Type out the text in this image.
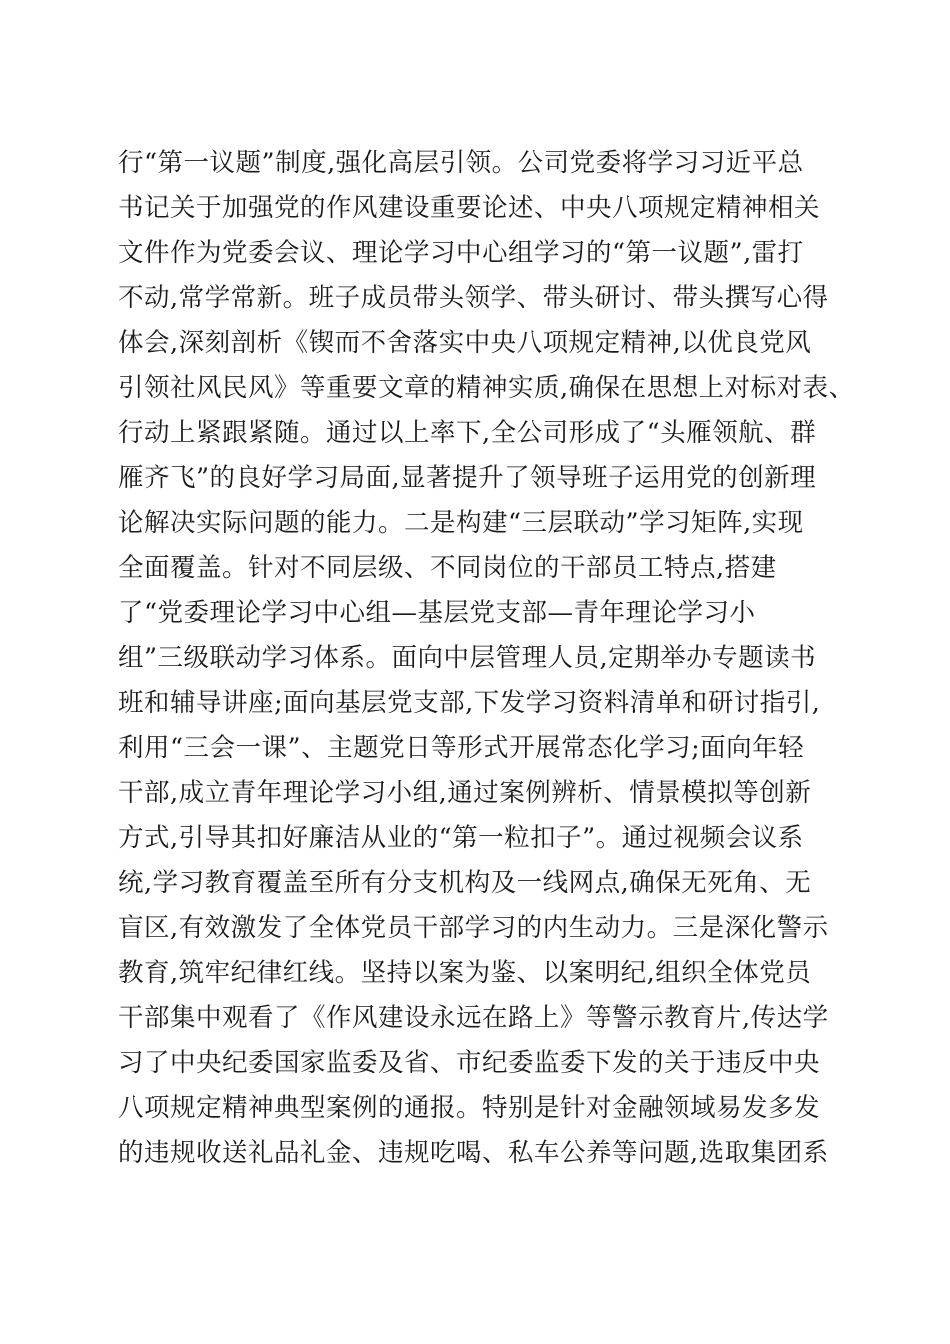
行“第一议题”制度,强化高层引领。公司党委将学习习近平总
书记关于加强党的作风建设重要论述、中央八项规定精神相关
文件作为党委会议、理论学习中心组学习的“第一议题”,雷打
不动,常学常新。班子成员带头领学、带头研讨、带头撰写心得
体会,深刻剖析《锲而不舍落实中央八项规定精神,以优良党风
引领社风民风》等重要文章的精神实质,确保在思想上对标对表、
行动上紧跟紧随。通过以上率下,全公司形成了“头雁领航、群
雁齐飞”的良好学习局面,显著提升了领导班子运用党的创新理
论解决实际问题的能力。二是构建“三层联动”学习矩阵,实现
全面覆盖。针对不同层级、不同岗位的干部员工特点,搭建
了“党委理论学习中心组—基层党支部—青年理论学习小
组”三级联动学习体系。面向中层管理人员,定期举办专题读书
班和辅导讲座;面向基层党支部,下发学习资料清单和研讨指引,
利用“三会一课”、主题党日等形式开展常态化学习;面向年轻
干部,成立青年理论学习小组,通过案例辨析、情景模拟等创新
方式,引导其扣好廉洁从业的“第一粒扣子”。通过视频会议系
统,学习教育覆盖至所有分支机构及一线网点,确保无死角、无
盲区,有效激发了全体党员干部学习的内生动力。三是深化警示
教育,筑牢纪律红线。坚持以案为鉴、以案明纪,组织全体党员
干部集中观看了《作风建设永远在路上》等警示教育片,传达学
习了中央纪委国家监委及省、市纪委监委下发的关于违反中央
八项规定精神典型案例的通报。特别是针对金融领域易发多发
的违规收送礼品礼金、违规吃喝、私车公养等问题,选取集团系
